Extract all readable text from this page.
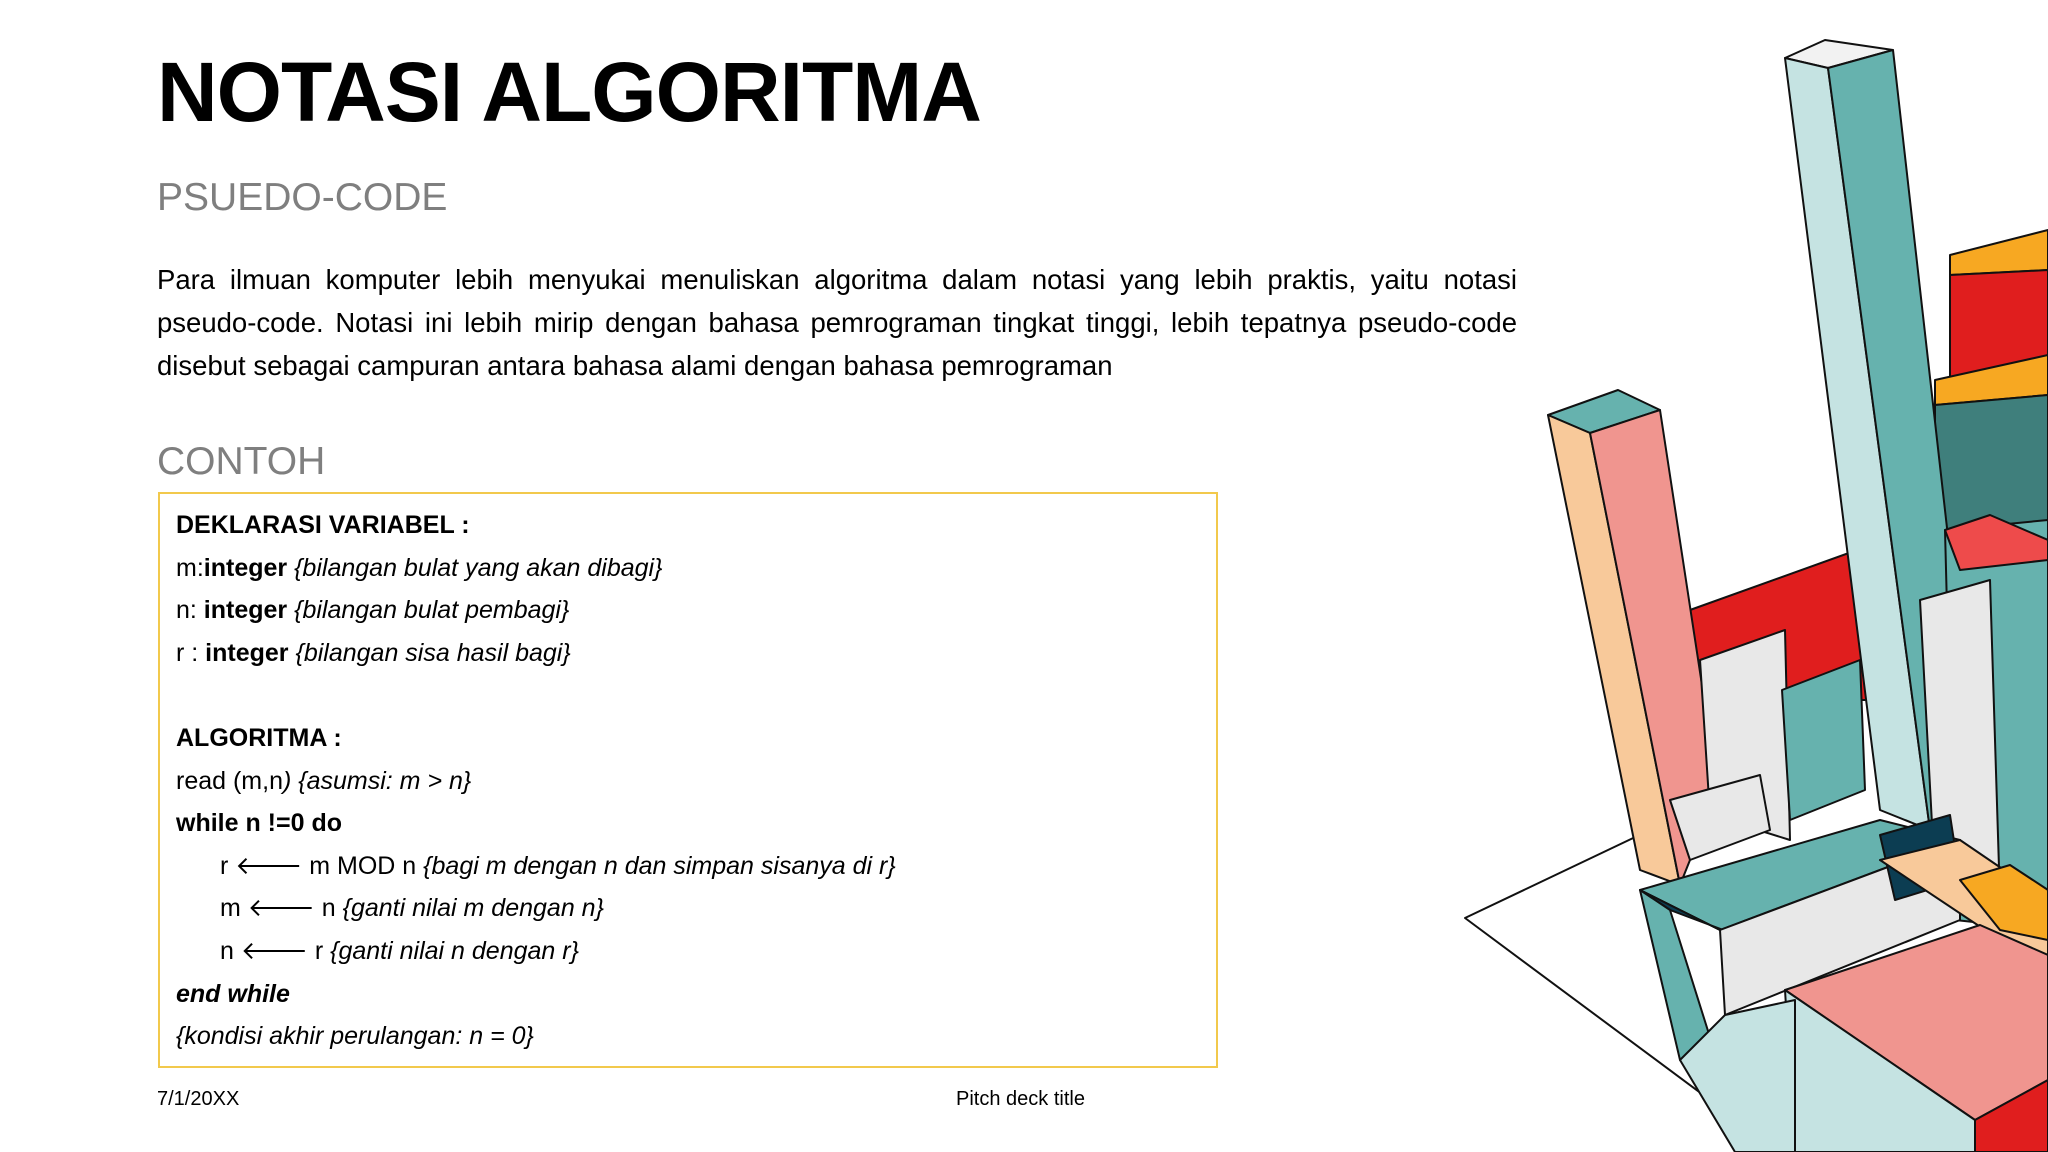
NOTASI ALGORITMA
PSUEDO-CODE

Para ilmuan komputer lebih menyukai menuliskan algoritma dalam notasi yang lebih praktis, yaitu notasi pseudo-code. Notasi ini lebih mirip dengan bahasa pemrograman tingkat tinggi, lebih tepatnya pseudo-code disebut sebagai campuran antara bahasa alami dengan bahasa pemrograman

CONTOH
DEKLARASI VARIABEL :
m:integer {bilangan bulat yang akan dibagi}
n: integer {bilangan bulat pembagi}
r : integer {bilangan sisa hasil bagi}
ALGORITMA :
read (m,n) {asumsi: m > n}
while n !=0 do
r 🡐 m MOD n {bagi m dengan n dan simpan sisanya di r}
m 🡐 n {ganti nilai m dengan n}
n 🡐 r {ganti nilai n dengan r}
end while
{kondisi akhir perulangan: n = 0}
7/1/20XX	Pitch deck title
